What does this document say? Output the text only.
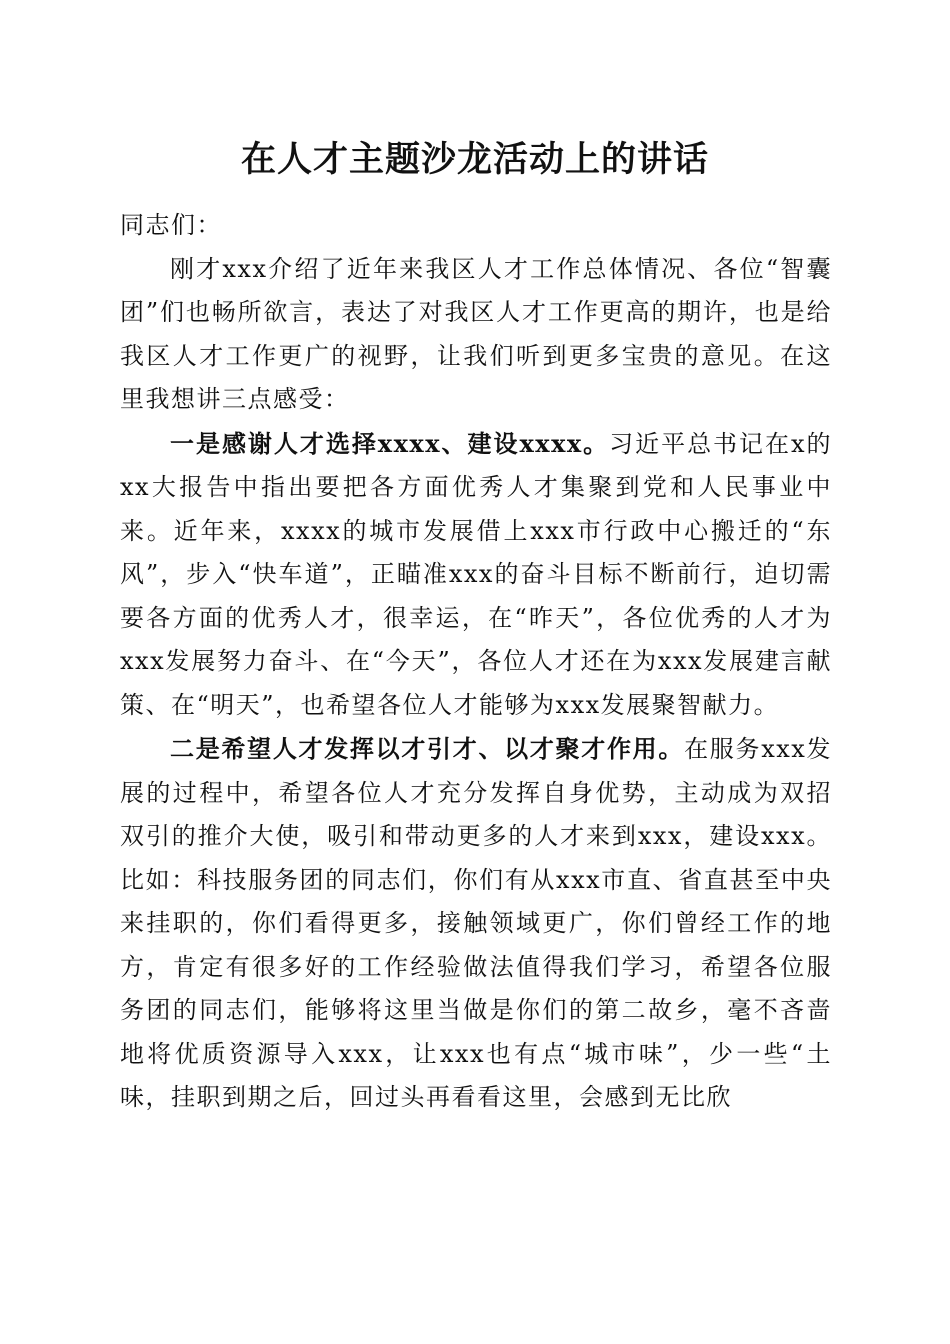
在人才主题沙龙活动上的讲话

同志们：

刚才xxx介绍了近年来我区人才工作总体情况、各位“智囊团”们也畅所欲言，表达了对我区人才工作更高的期许，也是给我区人才工作更广的视野，让我们听到更多宝贵的意见。在这里我想讲三点感受：

一是感谢人才选择xxxx、建设xxxx。习近平总书记在x的xx大报告中指出要把各方面优秀人才集聚到党和人民事业中来。近年来，xxxx的城市发展借上xxx市行政中心搬迁的“东风”，步入“快车道”，正瞄准xxx的奋斗目标不断前行，迫切需要各方面的优秀人才，很幸运，在“昨天”，各位优秀的人才为xxx发展努力奋斗、在“今天”，各位人才还在为xxx发展建言献策、在“明天”，也希望各位人才能够为xxx发展聚智献力。

二是希望人才发挥以才引才、以才聚才作用。在服务xxx发展的过程中，希望各位人才充分发挥自身优势，主动成为双招双引的推介大使，吸引和带动更多的人才来到xxx，建设xxx。比如：科技服务团的同志们，你们有从xxx市直、省直甚至中央来挂职的，你们看得更多，接触领域更广，你们曾经工作的地方，肯定有很多好的工作经验做法值得我们学习，希望各位服务团的同志们，能够将这里当做是你们的第二故乡，毫不吝啬地将优质资源导入xxx，让xxx也有点“城市味”，少一些“土味，挂职到期之后，回过头再看看这里，会感到无比欣
